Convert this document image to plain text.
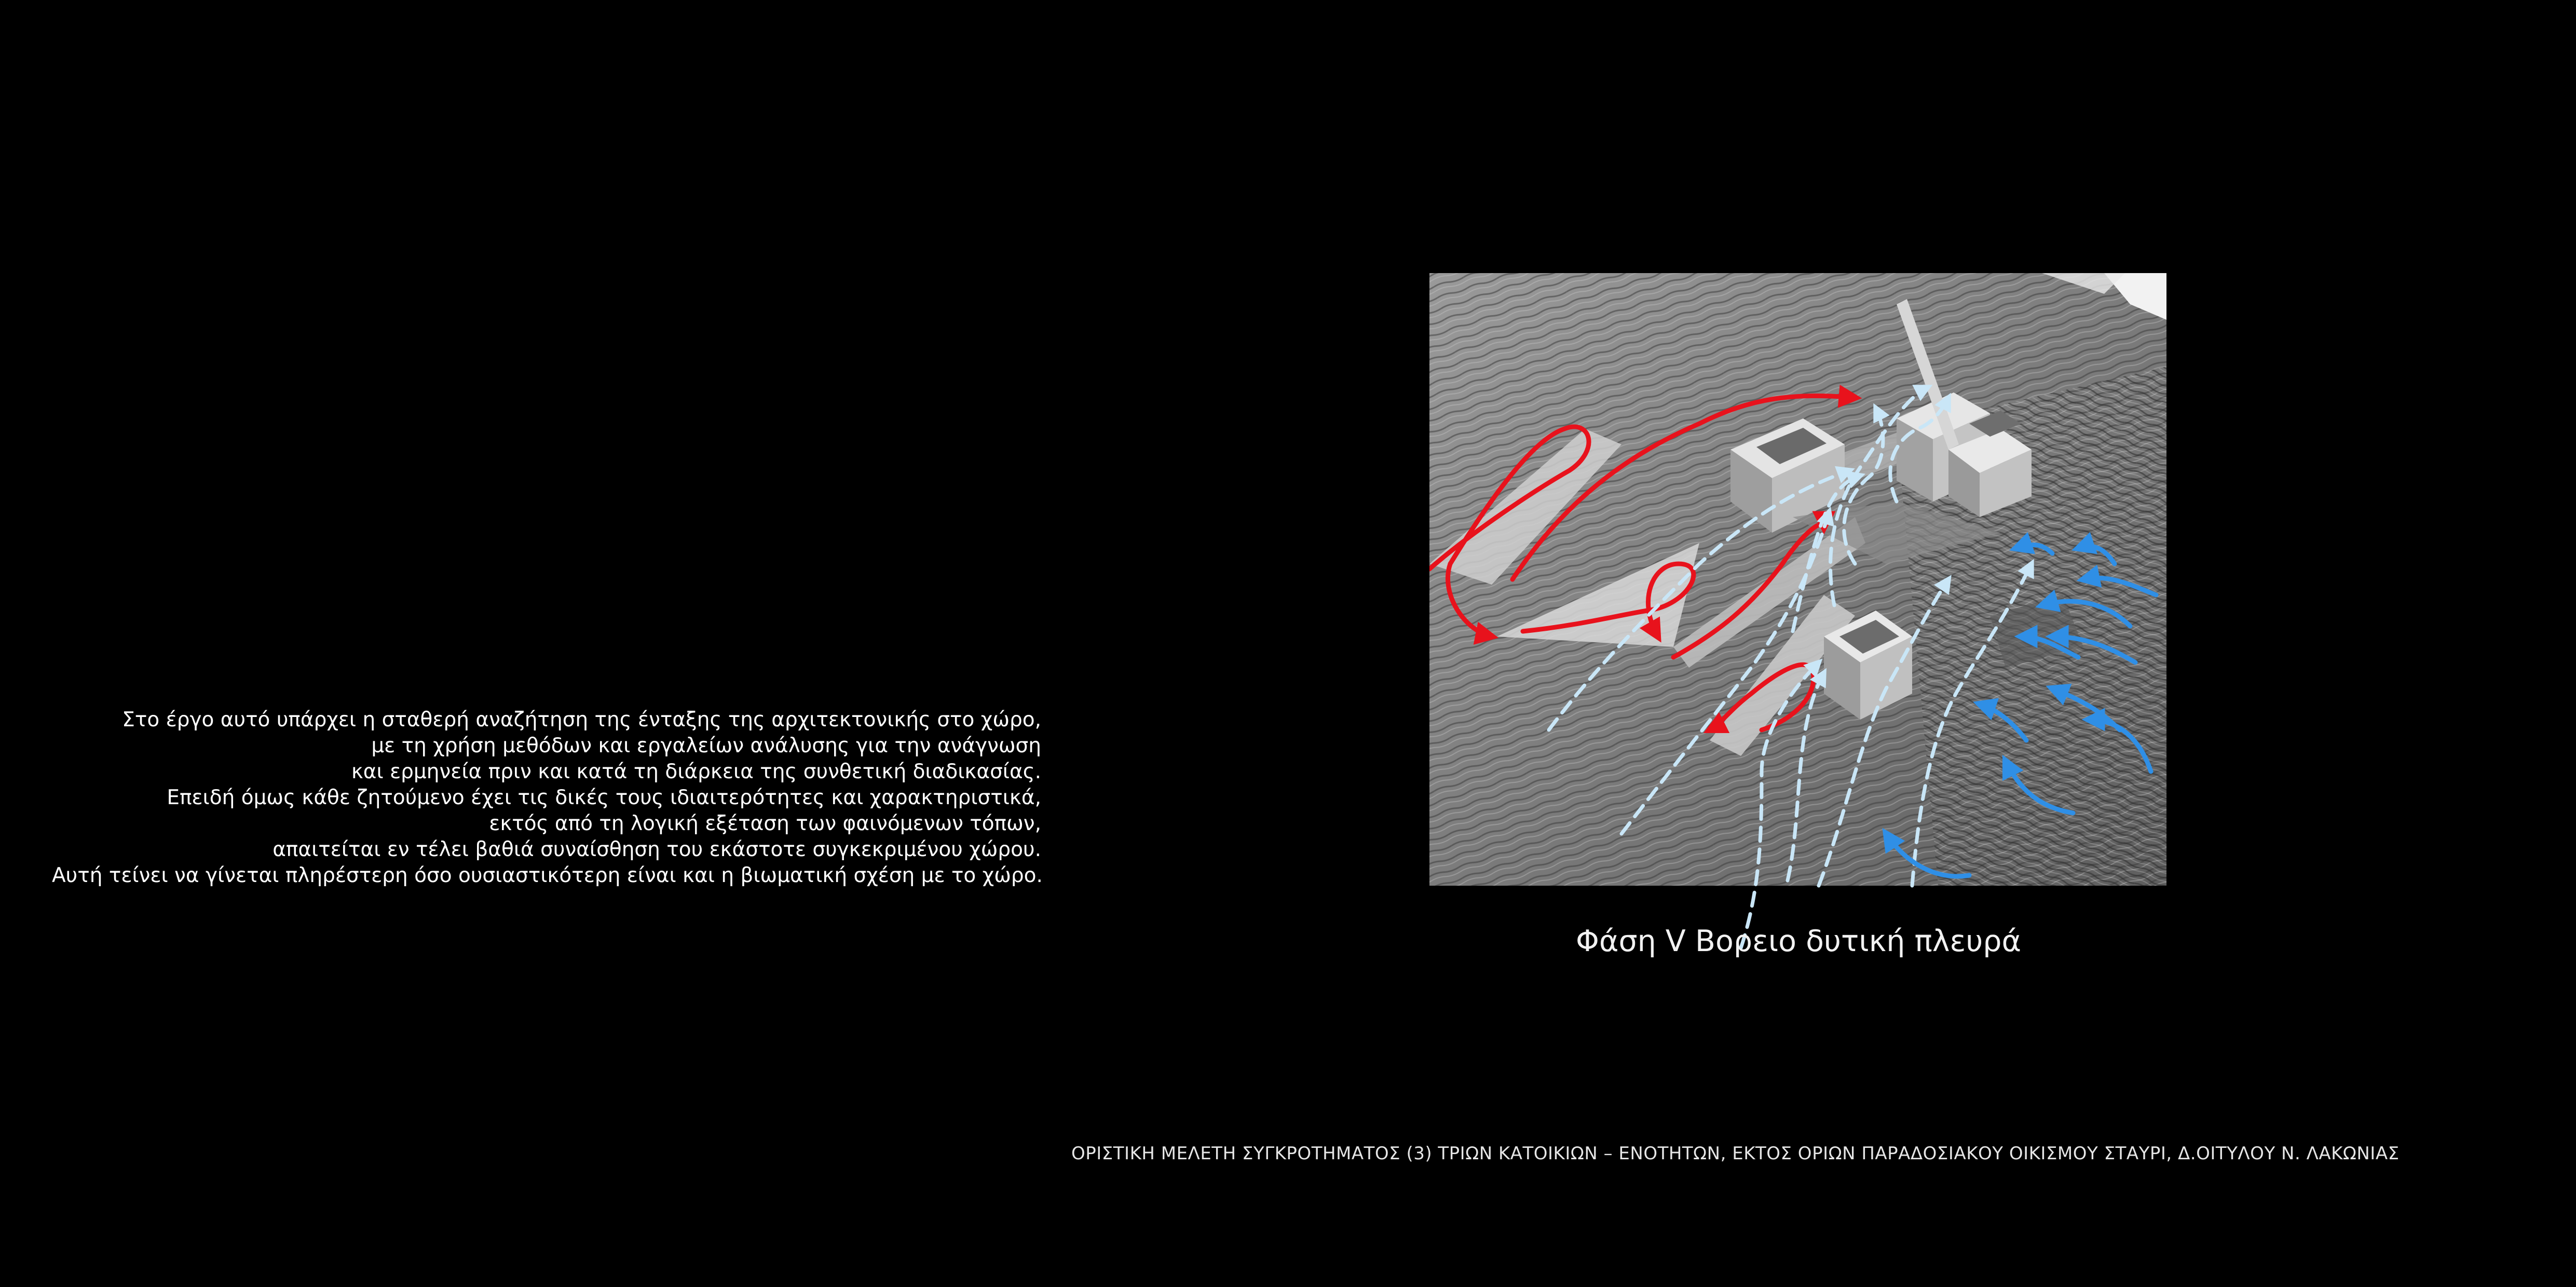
Στο έργο αυτό υπάρχει η σταθερή αναζήτηση της ένταξης της αρχιτεκτονικής στο χώρο,
με τη χρήση μεθόδων και εργαλείων ανάλυσης για την ανάγνωση
και ερμηνεία πριν και κατά τη διάρκεια της συνθετική διαδικασίας.
Επειδή όμως κάθε ζητούμενο έχει τις δικές τους ιδιαιτερότητες και χαρακτηριστικά,
εκτός από τη λογική εξέταση των φαινόμενων τόπων,
απαιτείται εν τέλει βαθιά συναίσθηση του εκάστοτε συγκεκριμένου χώρου.
Αυτή τείνει να γίνεται πληρέστερη όσο ουσιαστικότερη είναι και η βιωματική σχέση με το χώρο.
Φάση V Βορειο δυτική πλευρά
ΟΡΙΣΤΙΚΗ ΜΕΛΕΤΗ ΣΥΓΚΡΟΤΗΜΑΤΟΣ (3) ΤΡΙΩΝ ΚΑΤΟΙΚΙΩΝ – ΕΝΟΤΗΤΩΝ, ΕΚΤΟΣ ΟΡΙΩΝ ΠΑΡΑΔΟΣΙΑΚΟΥ ΟΙΚΙΣΜΟΥ ΣΤΑΥΡΙ, Δ.ΟΙΤΥΛΟΥ Ν. ΛΑΚΩΝΙΑΣ
